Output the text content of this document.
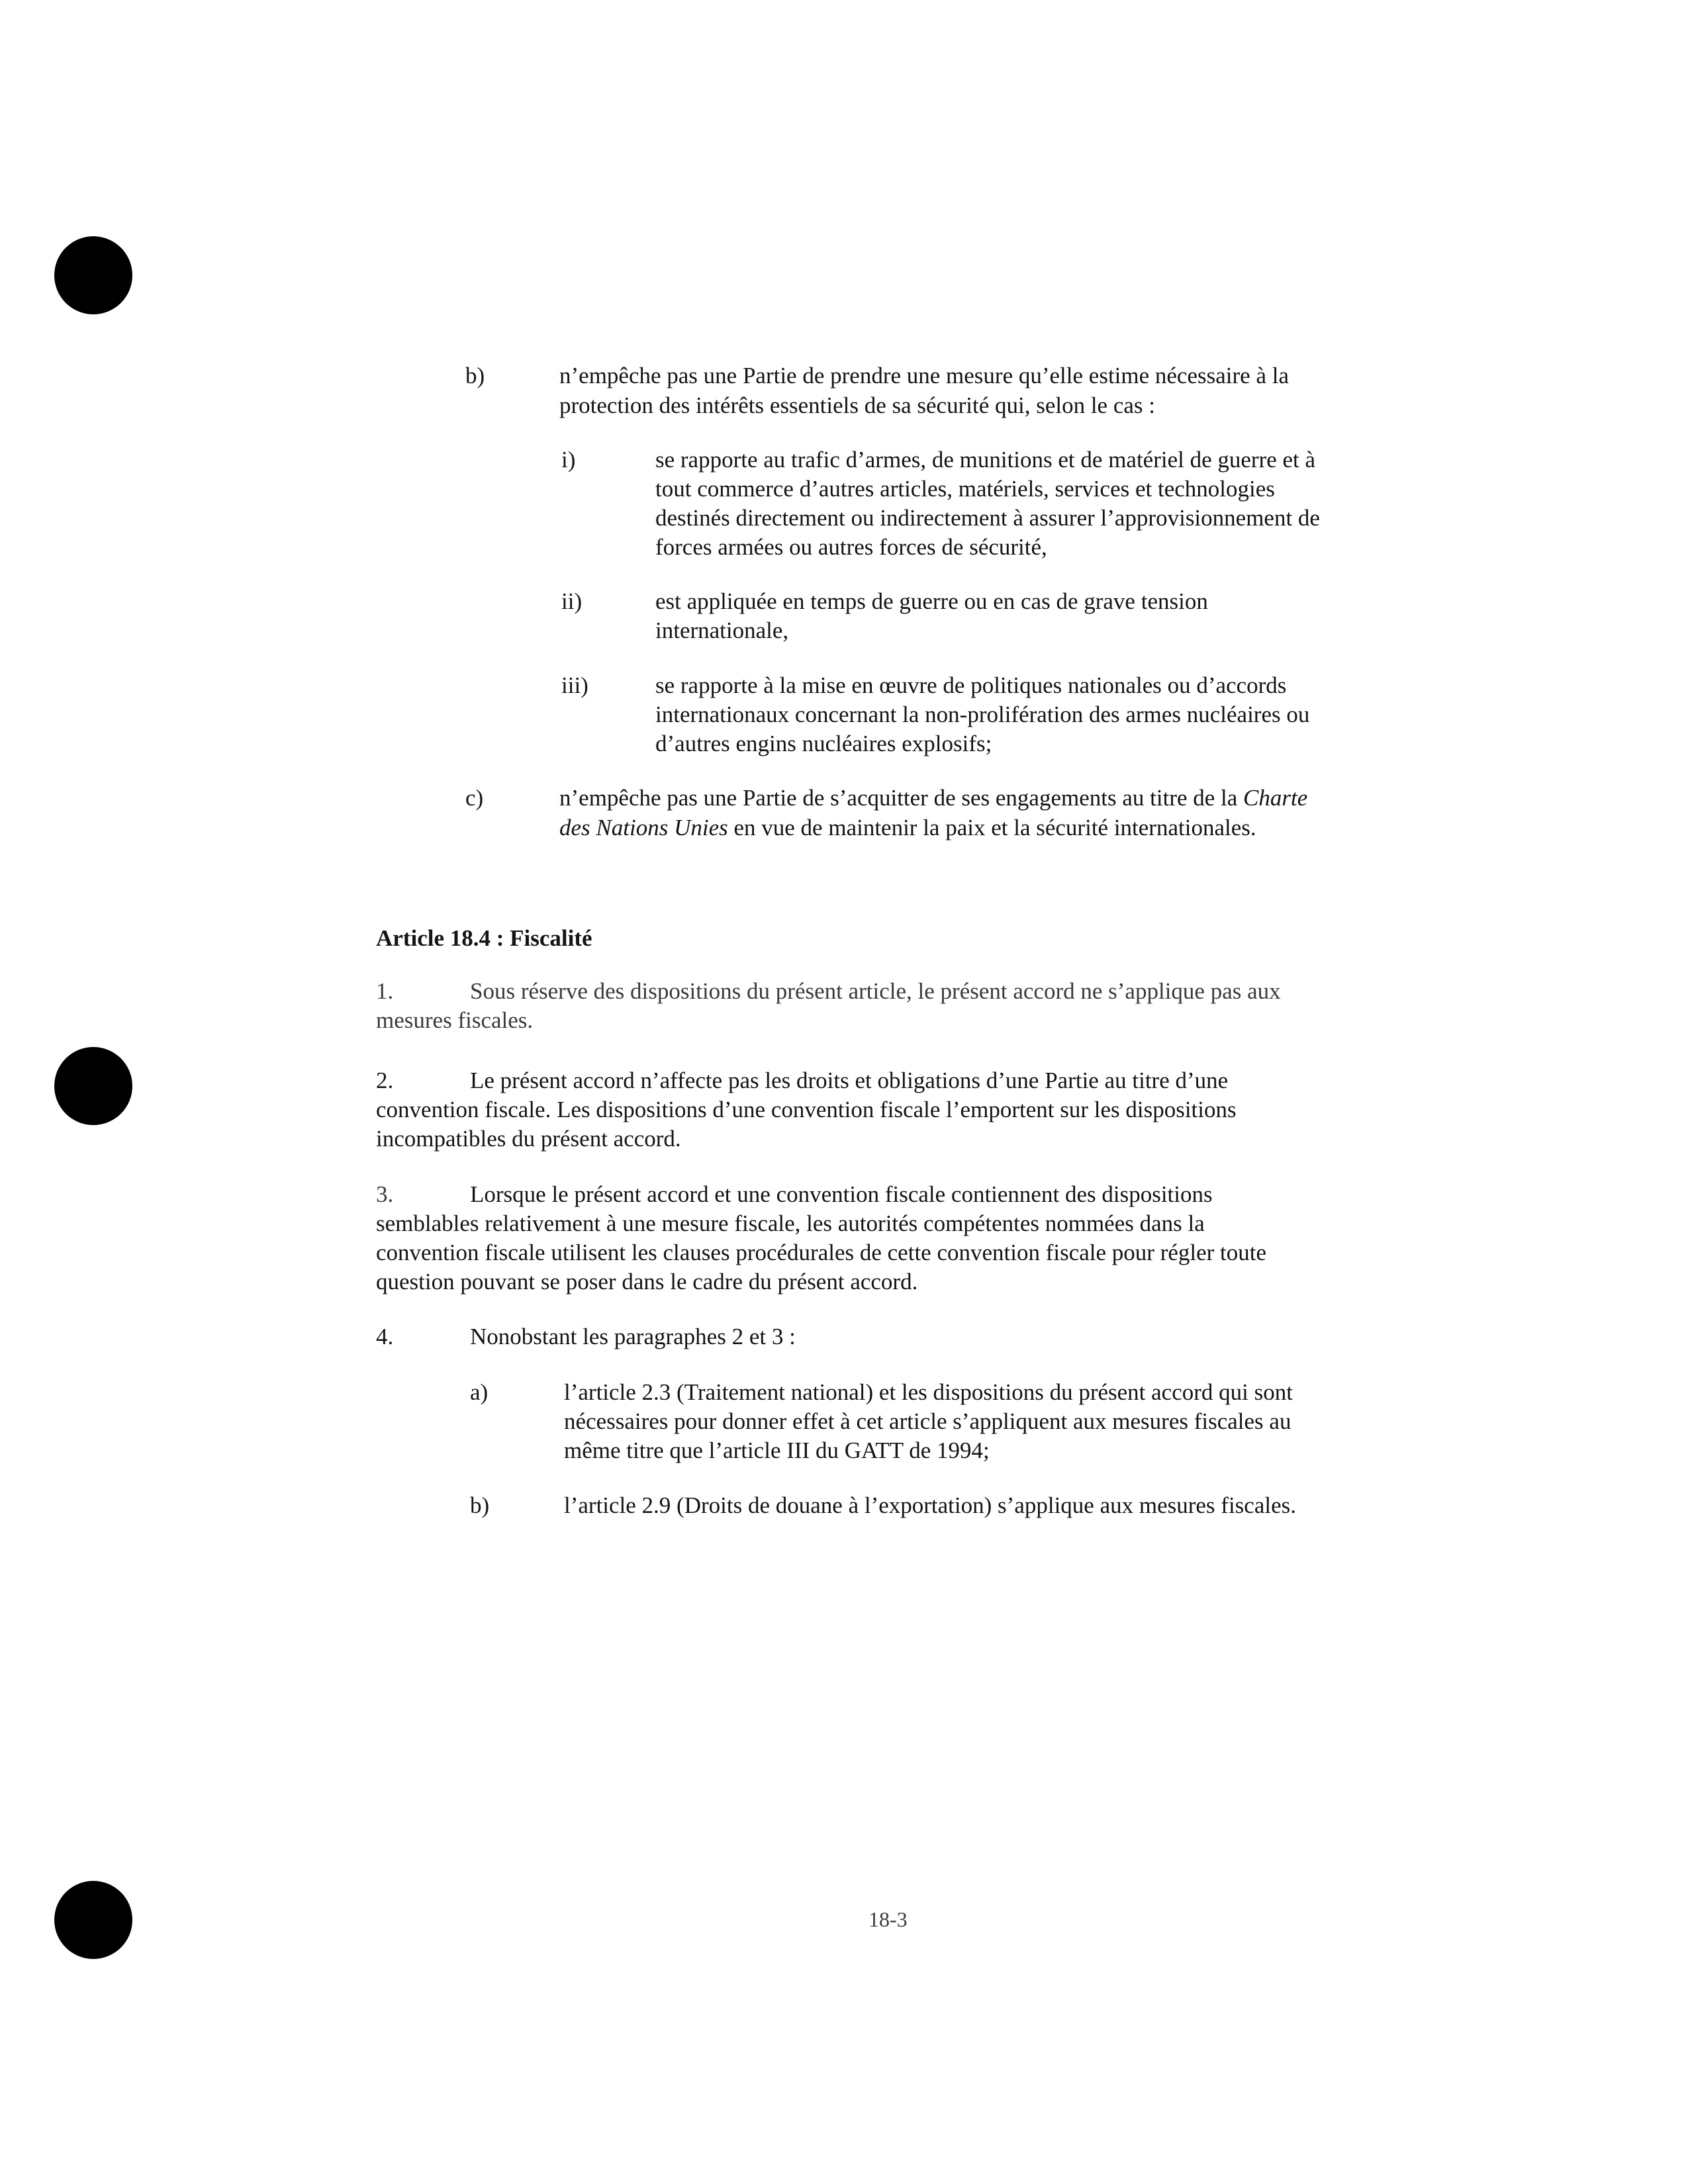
b)	n’empêche pas une Partie de prendre une mesure qu’elle estime nécessaire à la
protection des intérêts essentiels de sa sécurité qui, selon le cas :
i)	se rapporte au trafic d’armes, de munitions et de matériel de guerre et à
tout commerce d’autres articles, matériels, services et technologies
destinés directement ou indirectement à assurer l’approvisionnement de
forces armées ou autres forces de sécurité,
ii)	est appliquée en temps de guerre ou en cas de grave tension
internationale,
iii)	se rapporte à la mise en œuvre de politiques nationales ou d’accords
internationaux concernant la non-prolifération des armes nucléaires ou
d’autres engins nucléaires explosifs;
c)	n’empêche pas une Partie de s’acquitter de ses engagements au titre de la Charte
des Nations Unies en vue de maintenir la paix et la sécurité internationales.
Article 18.4 : Fiscalité
1.	Sous réserve des dispositions du présent article, le présent accord ne s’applique pas aux
mesures fiscales.
2.	Le présent accord n’affecte pas les droits et obligations d’une Partie au titre d’une
convention fiscale. Les dispositions d’une convention fiscale l’emportent sur les dispositions
incompatibles du présent accord.
3.	Lorsque le présent accord et une convention fiscale contiennent des dispositions
semblables relativement à une mesure fiscale, les autorités compétentes nommées dans la
convention fiscale utilisent les clauses procédurales de cette convention fiscale pour régler toute
question pouvant se poser dans le cadre du présent accord.
4.	Nonobstant les paragraphes 2 et 3 :
a)	l’article 2.3 (Traitement national) et les dispositions du présent accord qui sont
nécessaires pour donner effet à cet article s’appliquent aux mesures fiscales au
même titre que l’article III du GATT de 1994;
b)	l’article 2.9 (Droits de douane à l’exportation) s’applique aux mesures fiscales.
18-3
